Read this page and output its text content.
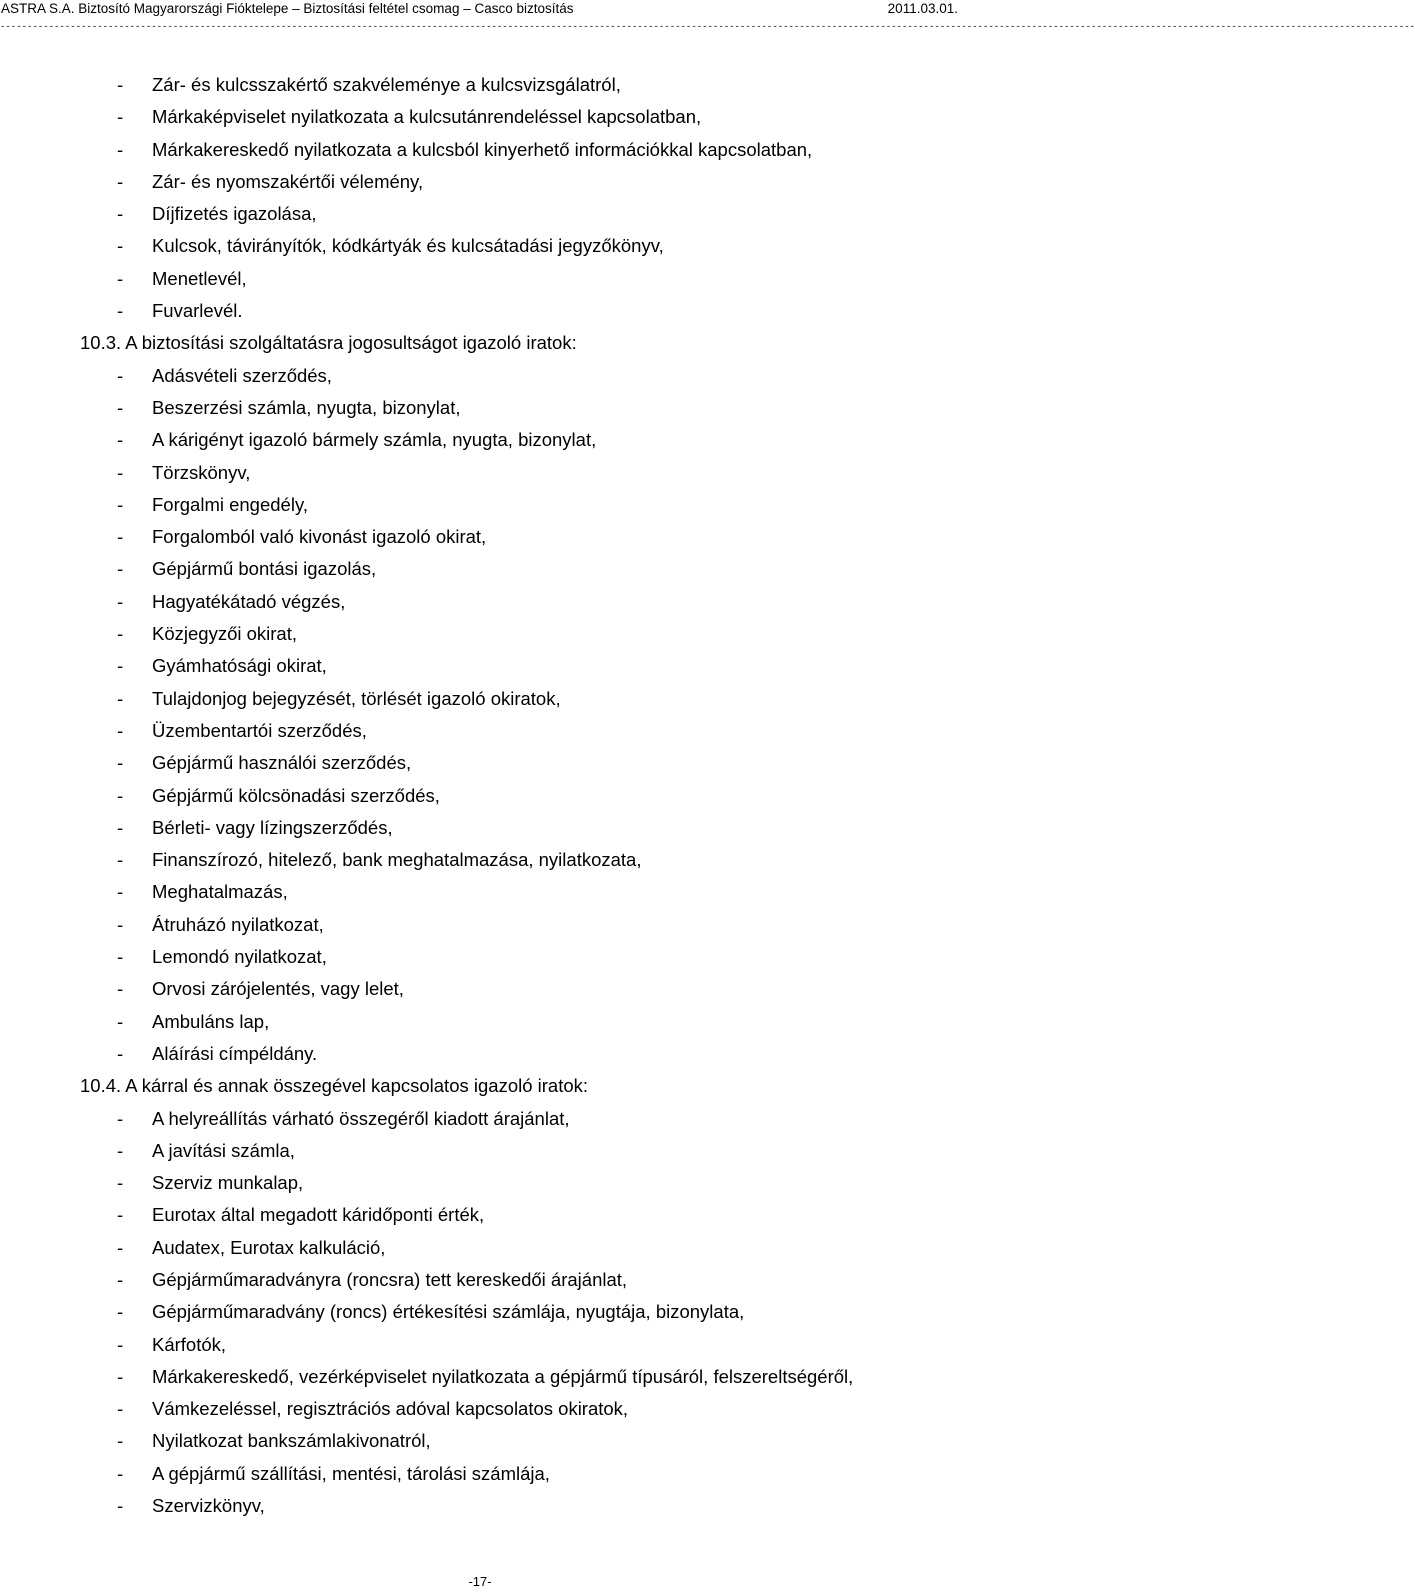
ASTRA S.A. Biztosító Magyarországi Fióktelepe – Biztosítási feltétel csomag – Casco biztosítás	2011.03.01.
----------------------------------------------------------------------------------------------------------------------------------------------------------------------------------------------------------------------------------------------------------------------
- Zár- és kulcsszakértő szakvéleménye a kulcsvizsgálatról,
- Márkaképviselet nyilatkozata a kulcsutánrendeléssel kapcsolatban,
- Márkakereskedő nyilatkozata a kulcsból kinyerhető információkkal kapcsolatban,
- Zár- és nyomszakértői vélemény,
- Díjfizetés igazolása,
- Kulcsok, távirányítók, kódkártyák és kulcsátadási jegyzőkönyv,
- Menetlevél,
- Fuvarlevél.
10.3. A biztosítási szolgáltatásra jogosultságot igazoló iratok:
- Adásvételi szerződés,
- Beszerzési számla, nyugta, bizonylat,
- A kárigényt igazoló bármely számla, nyugta, bizonylat,
- Törzskönyv,
- Forgalmi engedély,
- Forgalomból való kivonást igazoló okirat,
- Gépjármű bontási igazolás,
- Hagyatékátadó végzés,
- Közjegyzői okirat,
- Gyámhatósági okirat,
- Tulajdonjog bejegyzését, törlését igazoló okiratok,
- Üzembentartói szerződés,
- Gépjármű használói szerződés,
- Gépjármű kölcsönadási szerződés,
- Bérleti- vagy lízingszerződés,
- Finanszírozó, hitelező, bank meghatalmazása, nyilatkozata,
- Meghatalmazás,
- Átruházó nyilatkozat,
- Lemondó nyilatkozat,
- Orvosi zárójelentés, vagy lelet,
- Ambuláns lap,
- Aláírási címpéldány.
10.4. A kárral és annak összegével kapcsolatos igazoló iratok:
- A helyreállítás várható összegéről kiadott árajánlat,
- A javítási számla,
- Szerviz munkalap,
- Eurotax által megadott káridőponti érték,
- Audatex, Eurotax kalkuláció,
- Gépjárműmaradványra (roncsra) tett kereskedői árajánlat,
- Gépjárműmaradvány (roncs) értékesítési számlája, nyugtája, bizonylata,
- Kárfotók,
- Márkakereskedő, vezérképviselet nyilatkozata a gépjármű típusáról, felszereltségéről,
- Vámkezeléssel, regisztrációs adóval kapcsolatos okiratok,
- Nyilatkozat bankszámlakivonatról,
- A gépjármű szállítási, mentési, tárolási számlája,
- Szervizkönyv,
-17-
